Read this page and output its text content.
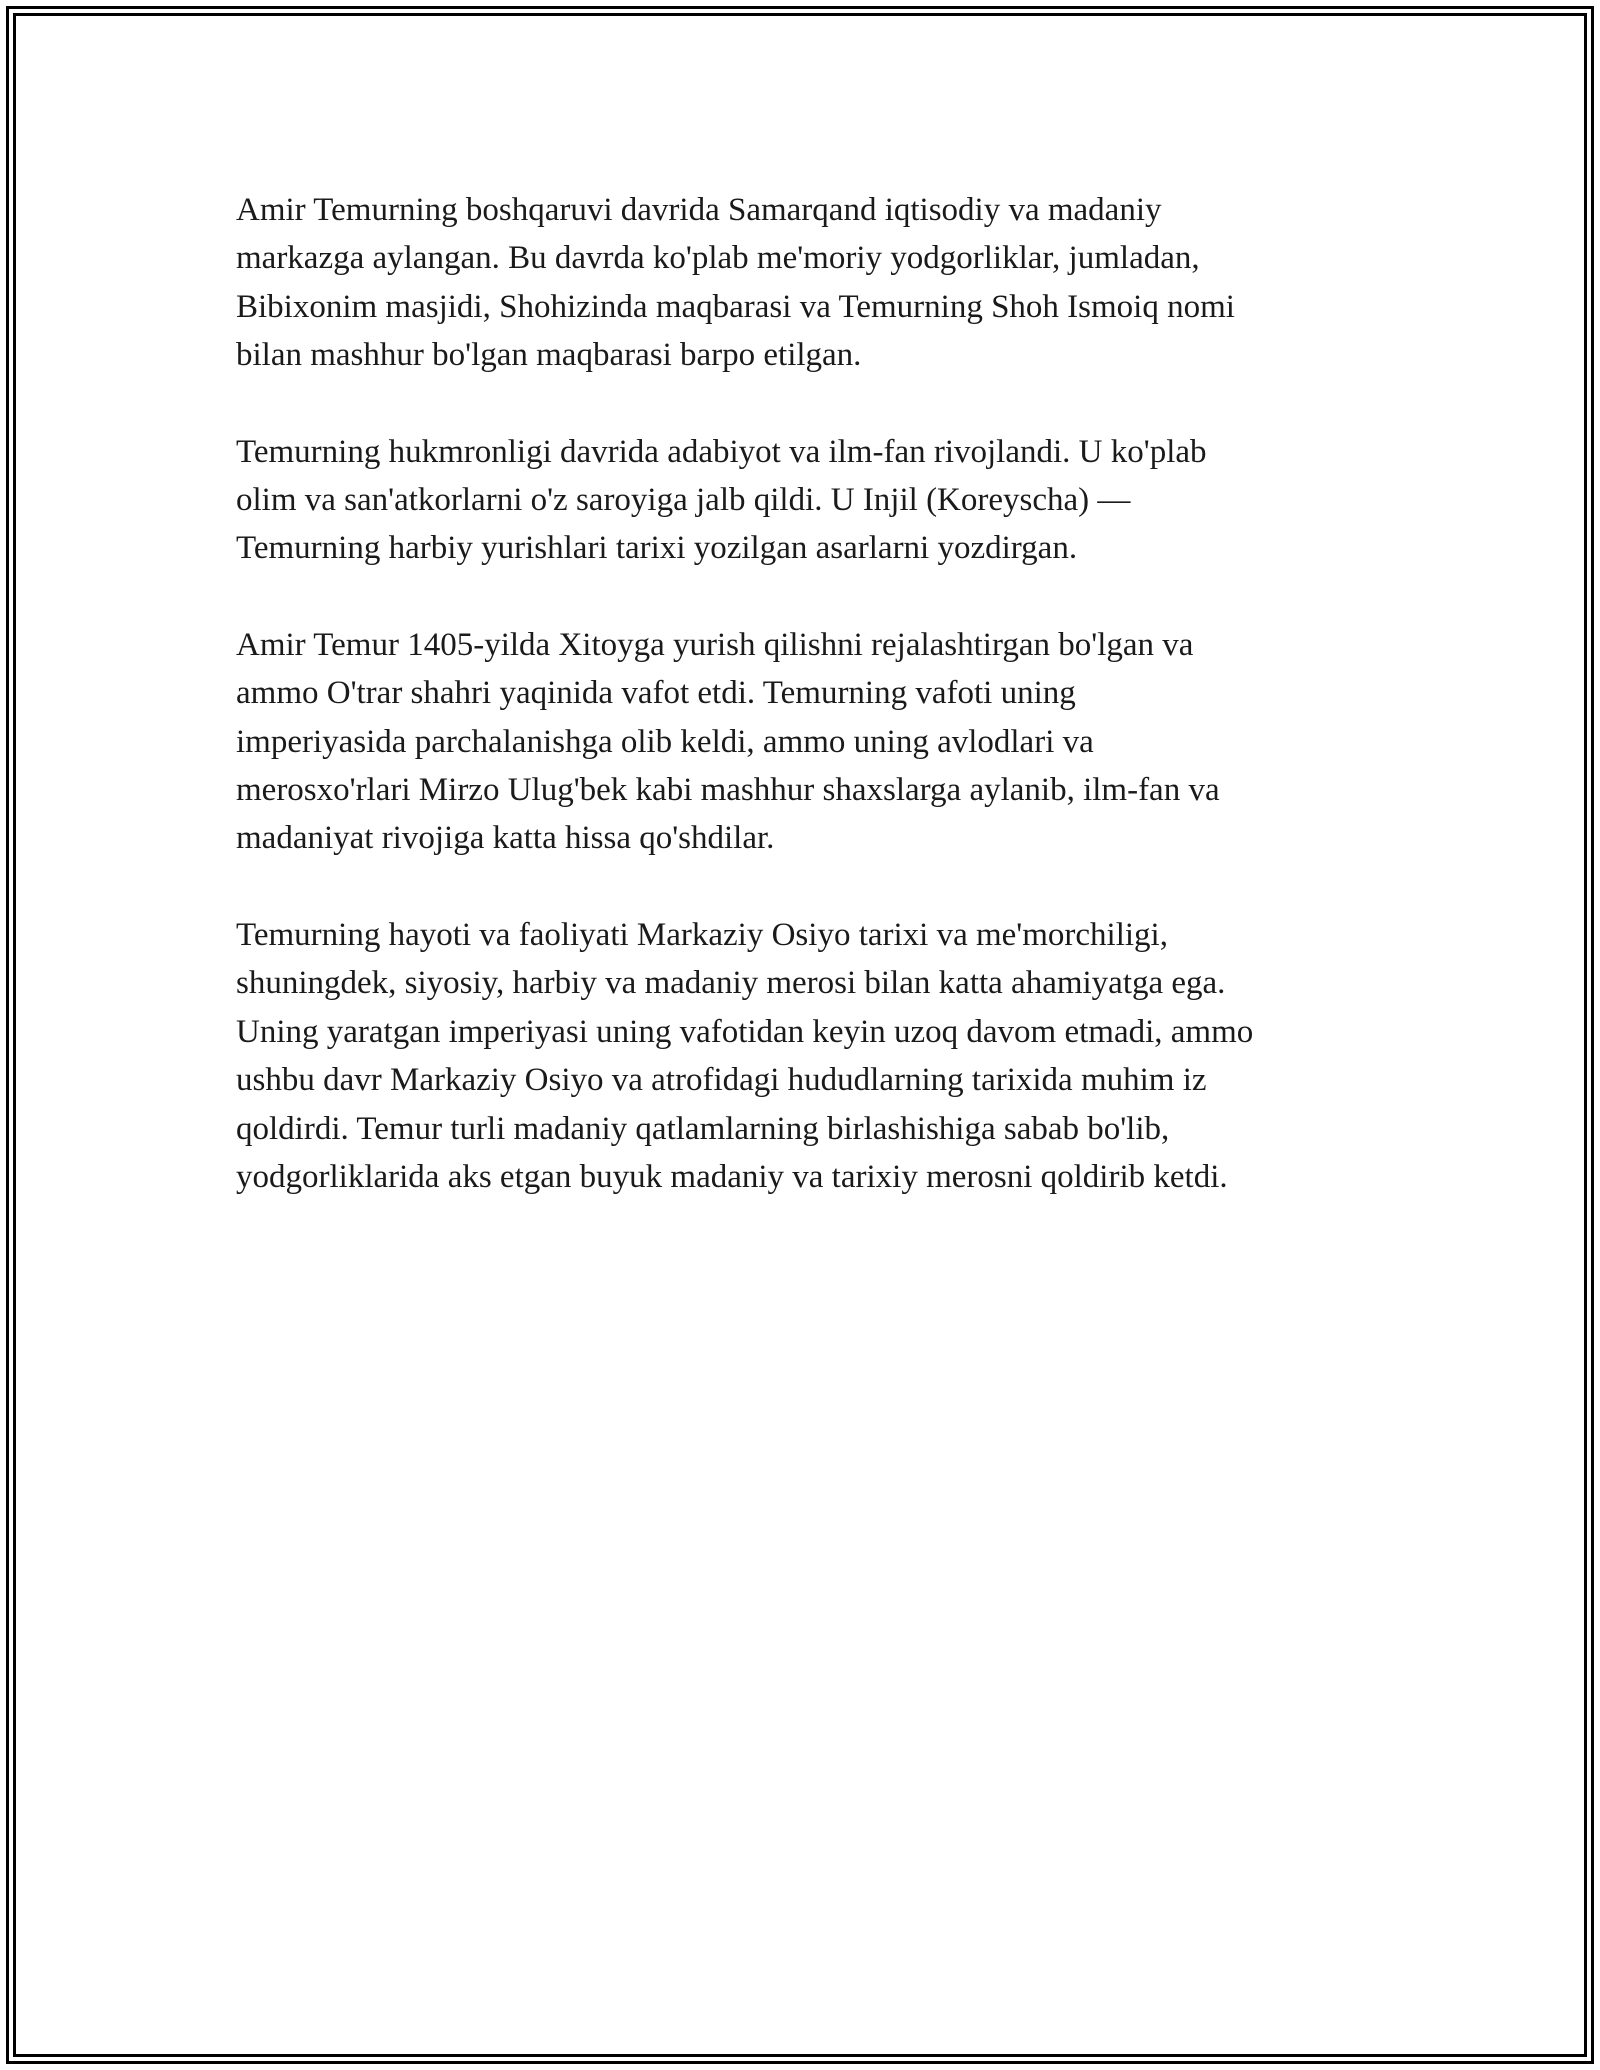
Amir Temurning boshqaruvi davrida Samarqand iqtisodiy va madaniy
markazga aylangan. Bu davrda ko'plab me'moriy yodgorliklar, jumladan,
Bibixonim masjidi, Shohizinda maqbarasi va Temurning Shoh Ismoiq nomi
bilan mashhur bo'lgan maqbarasi barpo etilgan.

Temurning hukmronligi davrida adabiyot va ilm-fan rivojlandi. U ko'plab
olim va san'atkorlarni o'z saroyiga jalb qildi. U Injil (Koreyscha) —
Temurning harbiy yurishlari tarixi yozilgan asarlarni yozdirgan.

Amir Temur 1405-yilda Xitoyga yurish qilishni rejalashtirgan bo'lgan va
ammo O'trar shahri yaqinida vafot etdi. Temurning vafoti uning
imperiyasida parchalanishga olib keldi, ammo uning avlodlari va
merosxo'rlari Mirzo Ulug'bek kabi mashhur shaxslarga aylanib, ilm-fan va
madaniyat rivojiga katta hissa qo'shdilar.

Temurning hayoti va faoliyati Markaziy Osiyo tarixi va me'morchiligi,
shuningdek, siyosiy, harbiy va madaniy merosi bilan katta ahamiyatga ega.
Uning yaratgan imperiyasi uning vafotidan keyin uzoq davom etmadi, ammo
ushbu davr Markaziy Osiyo va atrofidagi hududlarning tarixida muhim iz
qoldirdi. Temur turli madaniy qatlamlarning birlashishiga sabab bo'lib,
yodgorliklarida aks etgan buyuk madaniy va tarixiy merosni qoldirib ketdi.
